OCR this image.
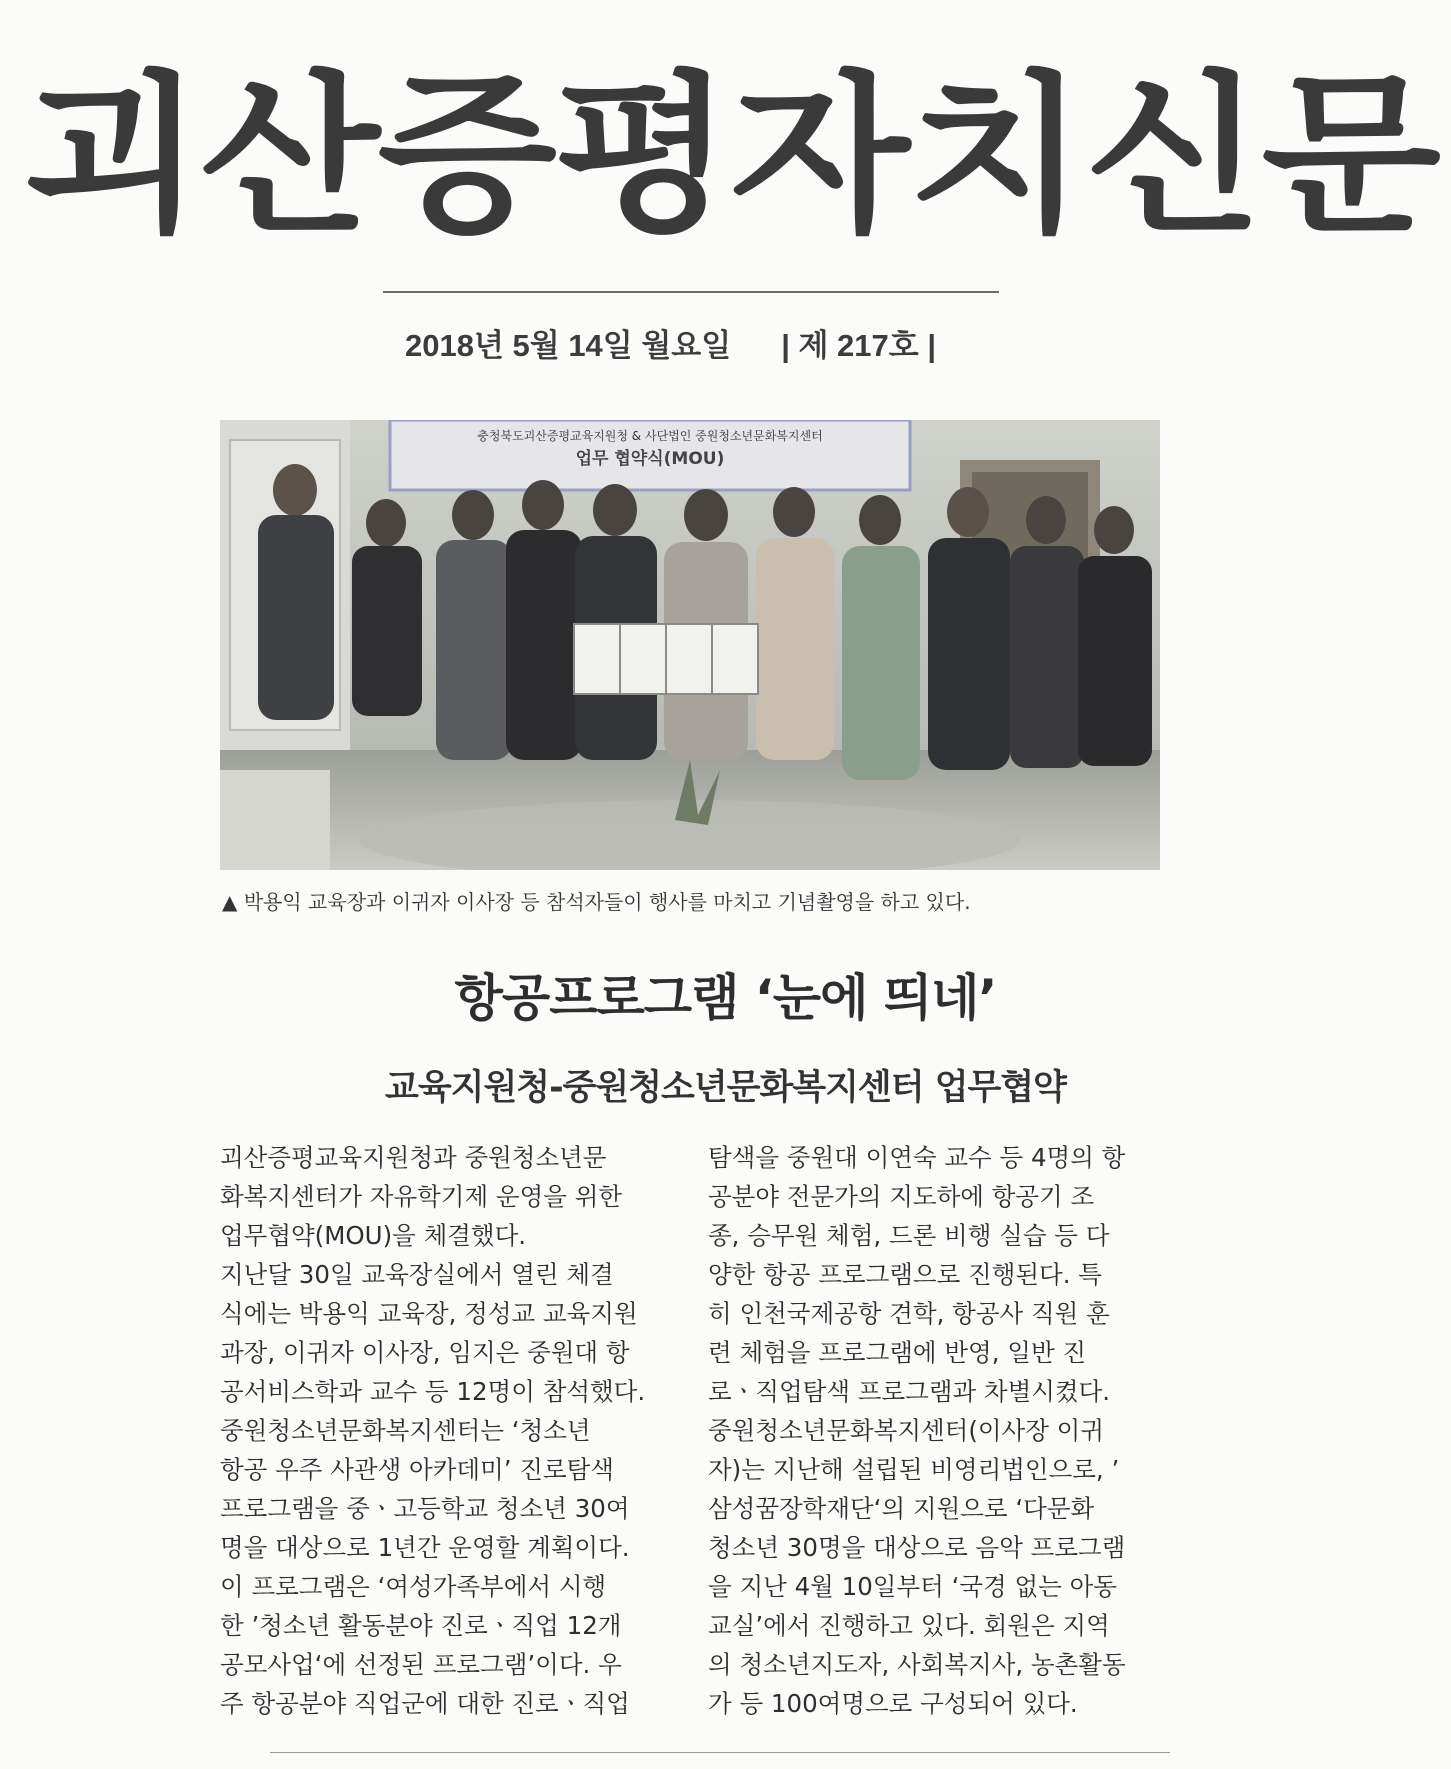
괴 산 증 평 자 치 신 문
2018년 5월 14일 월요일 | 제 217호 |
충청북도괴산증평교육지원청 & 사단법인 중원청소년문화복지센터
업무 협약식(MOU)
▲ 박용익 교육장과 이귀자 이사장 등 참석자들이 행사를 마치고 기념촬영을 하고 있다.
항공프로그램 ‘눈에 띄네’
교육지원청-중원청소년문화복지센터 업무협약
괴산증평교육지원청과 중원청소년문
화복지센터가 자유학기제 운영을 위한
업무협약(MOU)을 체결했다.
지난달 30일 교육장실에서 열린 체결
식에는 박용익 교육장, 정성교 교육지원
과장, 이귀자 이사장, 임지은 중원대 항
공서비스학과 교수 등 12명이 참석했다.
중원청소년문화복지센터는 ‘청소년
항공 우주 사관생 아카데미’ 진로탐색
프로그램을 중ㆍ고등학교 청소년 30여
명을 대상으로 1년간 운영할 계획이다.
이 프로그램은 ‘여성가족부에서 시행
한 ’청소년 활동분야 진로ㆍ직업 12개
공모사업‘에 선정된 프로그램’이다. 우
주 항공분야 직업군에 대한 진로ㆍ직업
탐색을 중원대 이연숙 교수 등 4명의 항
공분야 전문가의 지도하에 항공기 조
종, 승무원 체험, 드론 비행 실습 등 다
양한 항공 프로그램으로 진행된다. 특
히 인천국제공항 견학, 항공사 직원 훈
련 체험을 프로그램에 반영, 일반 진
로ㆍ직업탐색 프로그램과 차별시켰다.
중원청소년문화복지센터(이사장 이귀
자)는 지난해 설립된 비영리법인으로, ’
삼성꿈장학재단‘의 지원으로 ‘다문화
청소년 30명을 대상으로 음악 프로그램
을 지난 4월 10일부터 ‘국경 없는 아동
교실’에서 진행하고 있다. 회원은 지역
의 청소년지도자, 사회복지사, 농촌활동
가 등 100여명으로 구성되어 있다.
